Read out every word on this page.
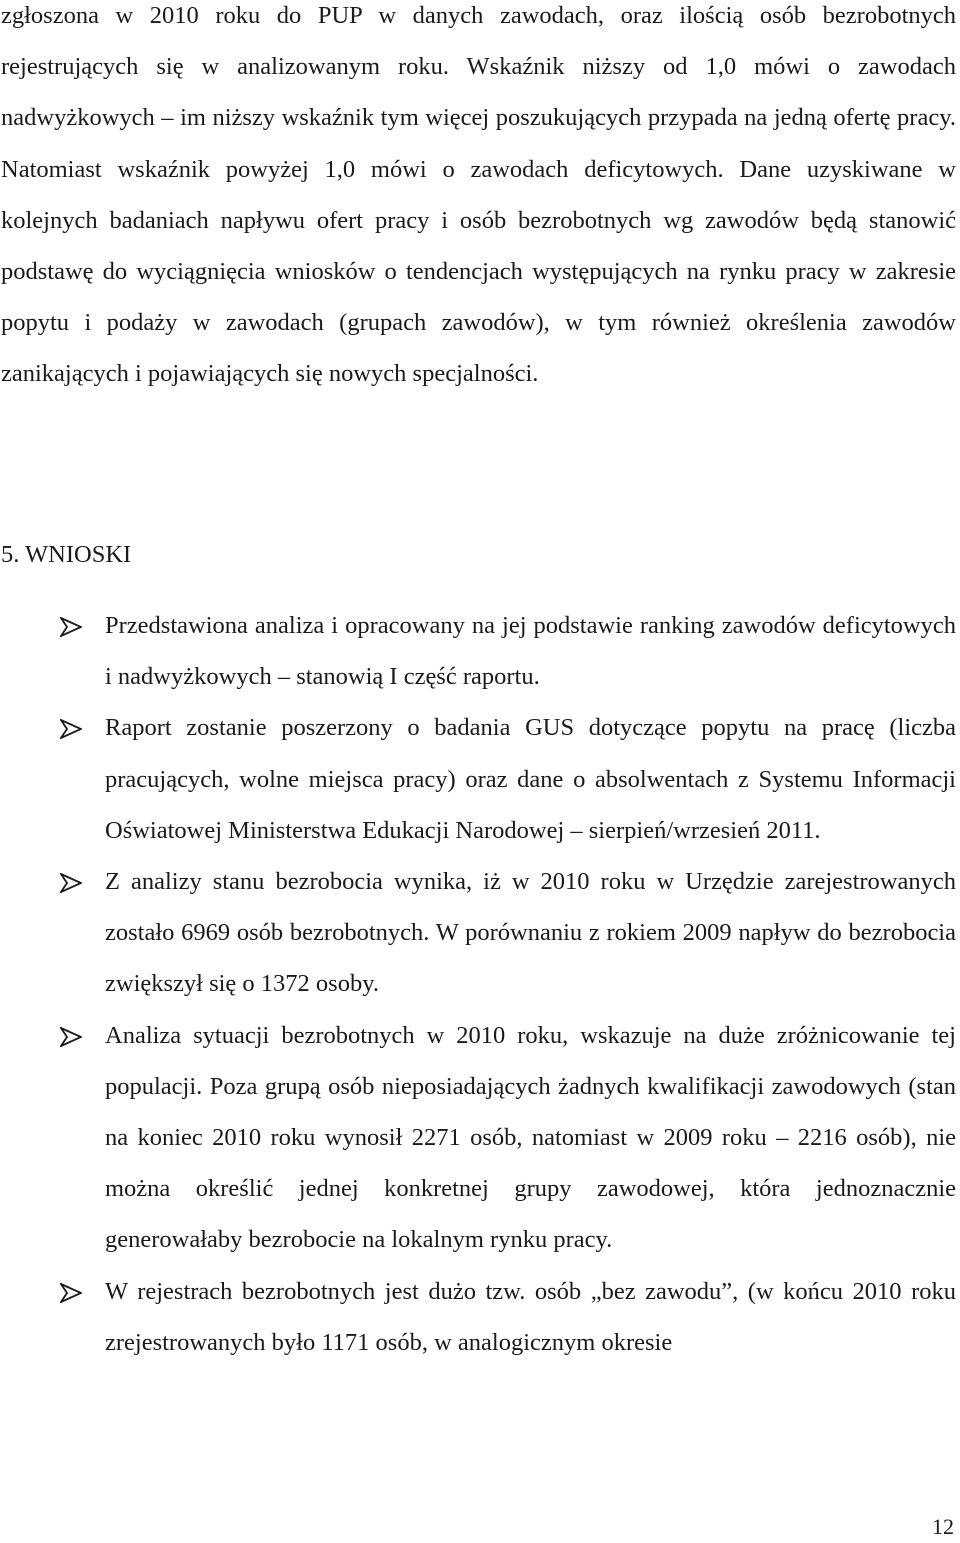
zgłoszona w 2010 roku do PUP w danych zawodach, oraz ilością osób bezrobotnych rejestrujących się w analizowanym roku. Wskaźnik niższy od 1,0 mówi o zawodach nadwyżkowych – im niższy wskaźnik tym więcej poszukujących przypada na jedną ofertę pracy. Natomiast wskaźnik powyżej 1,0 mówi o zawodach deficytowych. Dane uzyskiwane w kolejnych badaniach napływu ofert pracy i osób bezrobotnych wg zawodów będą stanowić podstawę do wyciągnięcia wniosków o tendencjach występujących na rynku pracy w zakresie popytu i podaży w zawodach (grupach zawodów), w tym również określenia zawodów zanikających i pojawiających się nowych specjalności.

5. WNIOSKI
Przedstawiona analiza i opracowany na jej podstawie ranking zawodów deficytowych i nadwyżkowych – stanowią I część raportu.
Raport zostanie poszerzony o badania GUS dotyczące popytu na pracę (liczba pracujących, wolne miejsca pracy) oraz dane o absolwentach z Systemu Informacji Oświatowej Ministerstwa Edukacji Narodowej – sierpień/wrzesień 2011.
Z analizy stanu bezrobocia wynika, iż w 2010 roku w Urzędzie zarejestrowanych zostało 6969 osób bezrobotnych. W porównaniu z rokiem 2009 napływ do bezrobocia zwiększył się o 1372 osoby.
Analiza sytuacji bezrobotnych w 2010 roku, wskazuje na duże zróżnicowanie tej populacji. Poza grupą osób nieposiadających żadnych kwalifikacji zawodowych (stan na koniec 2010 roku wynosił 2271 osób, natomiast w 2009 roku – 2216 osób), nie można określić jednej konkretnej grupy zawodowej, która jednoznacznie generowałaby bezrobocie na lokalnym rynku pracy.
W rejestrach bezrobotnych jest dużo tzw. osób „bez zawodu”, (w końcu 2010 roku zrejestrowanych było 1171 osób, w analogicznym okresie
12
